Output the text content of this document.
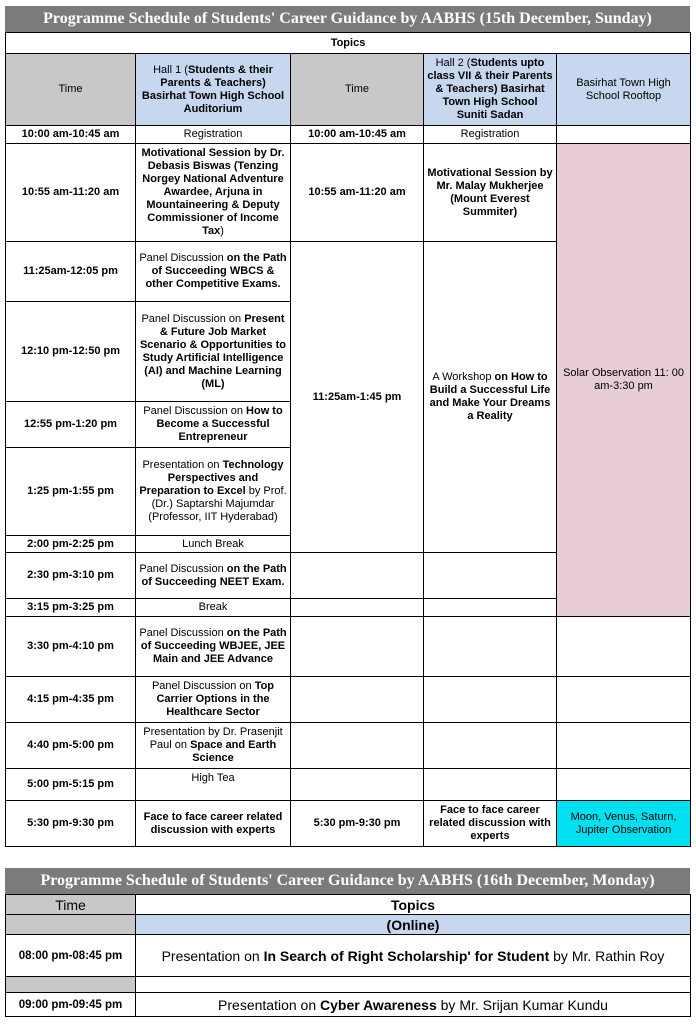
Programme Schedule of Students' Career Guidance by AABHS (15th December, Sunday)
Topics				
Time	Hall 1 (Students & their Parents & Teachers) Basirhat Town High School Auditorium	Time	Hall 2 (Students upto class VII & their Parents & Teachers) Basirhat Town High School Suniti Sadan	Basirhat Town High School Rooftop
10:00 am-10:45 am	Registration	10:00 am-10:45 am	Registration	
10:55 am-11:20 am	Motivational Session by Dr. Debasis Biswas (Tenzing Norgey National Adventure Awardee, Arjuna in Mountaineering & Deputy Commissioner of Income Tax)	10:55 am-11:20 am	Motivational Session by Mr. Malay Mukherjee (Mount Everest Summiter)	Solar Observation 11: 00 am-3:30 pm
11:25am-12:05 pm	Panel Discussion on the Path of Succeeding WBCS & other Competitive Exams.	11:25am-1:45 pm	A Workshop on How to Build a Successful Life and Make Your Dreams a Reality	
12:10 pm-12:50 pm	Panel Discussion on Present & Future Job Market Scenario & Opportunities to Study Artificial Intelligence (AI) and Machine Learning (ML)			
12:55 pm-1:20 pm	Panel Discussion on How to Become a Successful Entrepreneur			
1:25 pm-1:55 pm	Presentation on Technology Perspectives and Preparation to Excel by Prof. (Dr.) Saptarshi Majumdar (Professor, IIT Hyderabad)			
2:00 pm-2:25 pm	Lunch Break			
2:30 pm-3:10 pm	Panel Discussion on the Path of Succeeding NEET Exam.			
3:15 pm-3:25 pm	Break			
3:30 pm-4:10 pm	Panel Discussion on the Path of Succeeding WBJEE, JEE Main and JEE Advance			
4:15 pm-4:35 pm	Panel Discussion on Top Carrier Options in the Healthcare Sector			
4:40 pm-5:00 pm	Presentation by Dr. Prasenjit Paul on Space and Earth Science			
5:00 pm-5:15 pm	High Tea			
5:30 pm-9:30 pm	Face to face career related discussion with experts	5:30 pm-9:30 pm	Face to face career related discussion with experts	Moon, Venus, Saturn, Jupiter Observation
Programme Schedule of Students' Career Guidance by AABHS (16th December, Monday)
Time	Topics
	(Online)
08:00 pm-08:45 pm	Presentation on In Search of Right Scholarship' for Student by Mr. Rathin Roy

09:00 pm-09:45 pm	Presentation on Cyber Awareness by Mr. Srijan Kumar Kundu
